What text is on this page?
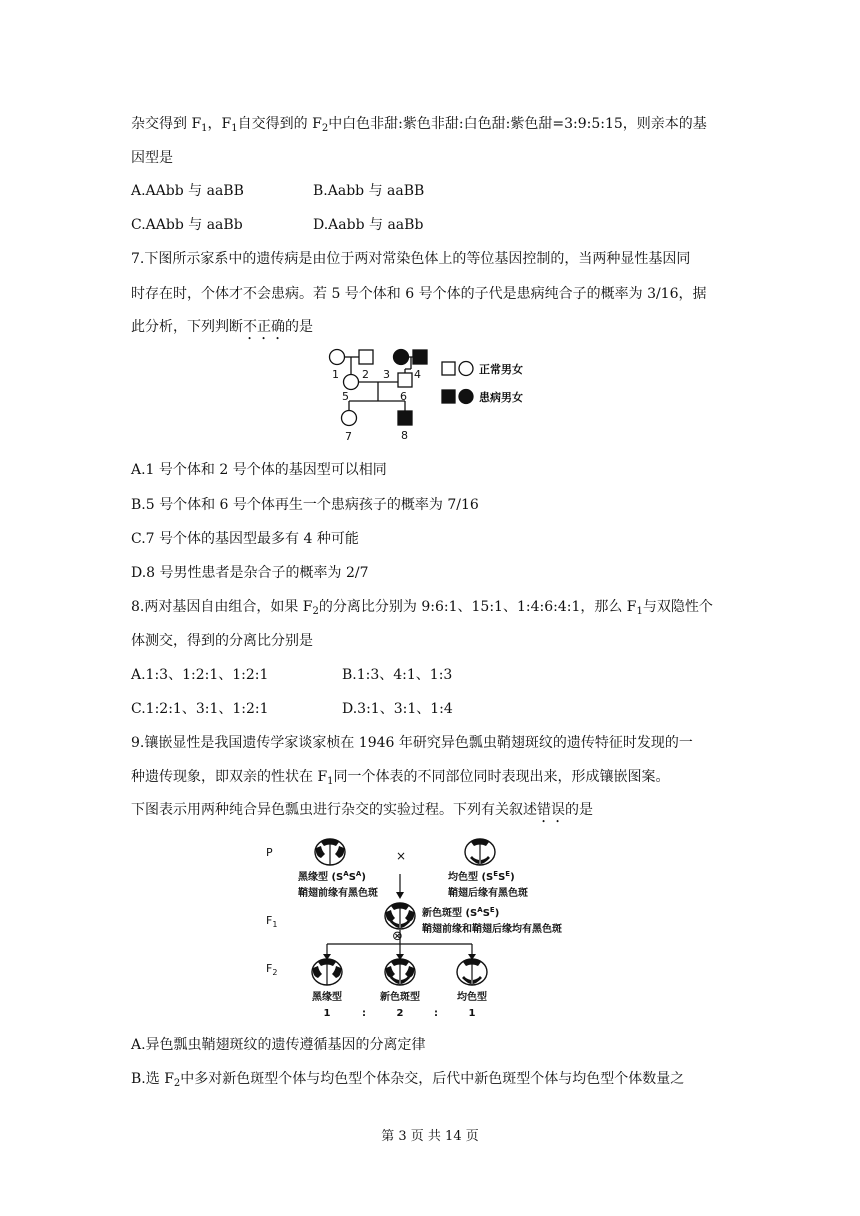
杂交得到 $F_1$，$F_1$自交得到的 $F_2$中白色非甜:紫色非甜:白色甜:紫色甜=3:9:5:15，则亲本的基
因型是
A.AAbb 与 aaBB	B.Aabb 与 aaBB
C.AAbb 与 aaBb	D.Aabb 与 aaBb
7.下图所示家系中的遗传病是由位于两对常染色体上的等位基因控制的，当两种显性基因同
时存在时，个体才不会患病。若 5 号个体和 6 号个体的子代是患病纯合子的概率为 3/16，据
此分析，下列判断不正确的是
1 2 3 4
5	6
7	8
正常男女
患病男女
A.1 号个体和 2 号个体的基因型可以相同
B.5 号个体和 6 号个体再生一个患病孩子的概率为 7/16
C.7 号个体的基因型最多有 4 种可能
D.8 号男性患者是杂合子的概率为 2/7
8.两对基因自由组合，如果 $F_2$的分离比分别为 9:6:1、15:1、1:4:6:4:1，那么 $F_1$与双隐性个
体测交，得到的分离比分别是
A.1:3、1:2:1、1:2:1	B.1:3、4:1、1:3
C.1:2:1、3:1、1:2:1	D.3:1、3:1、1:4
9.镶嵌显性是我国遗传学家谈家桢在 1946 年研究异色瓢虫鞘翅斑纹的遗传特征时发现的一
种遗传现象，即双亲的性状在 $F_1$同一个体表的不同部位同时表现出来，形成镶嵌图案。
下图表示用两种纯合异色瓢虫进行杂交的实验过程。下列有关叙述错误的是
P
$F_1$
$F_2$
×
黑缘型 $(S^AS^A)$
鞘翅前缘有黑色斑
均色型 $(S^ES^E)$
鞘翅后缘有黑色斑
新色斑型 $(S^AS^E)$
鞘翅前缘和鞘翅后缘均有黑色斑
⊗
黑缘型	新色斑型	均色型
1	:	2	:	1
A.异色瓢虫鞘翅斑纹的遗传遵循基因的分离定律
B.选 $F_2$中多对新色斑型个体与均色型个体杂交，后代中新色斑型个体与均色型个体数量之
第 3 页 共 14 页
